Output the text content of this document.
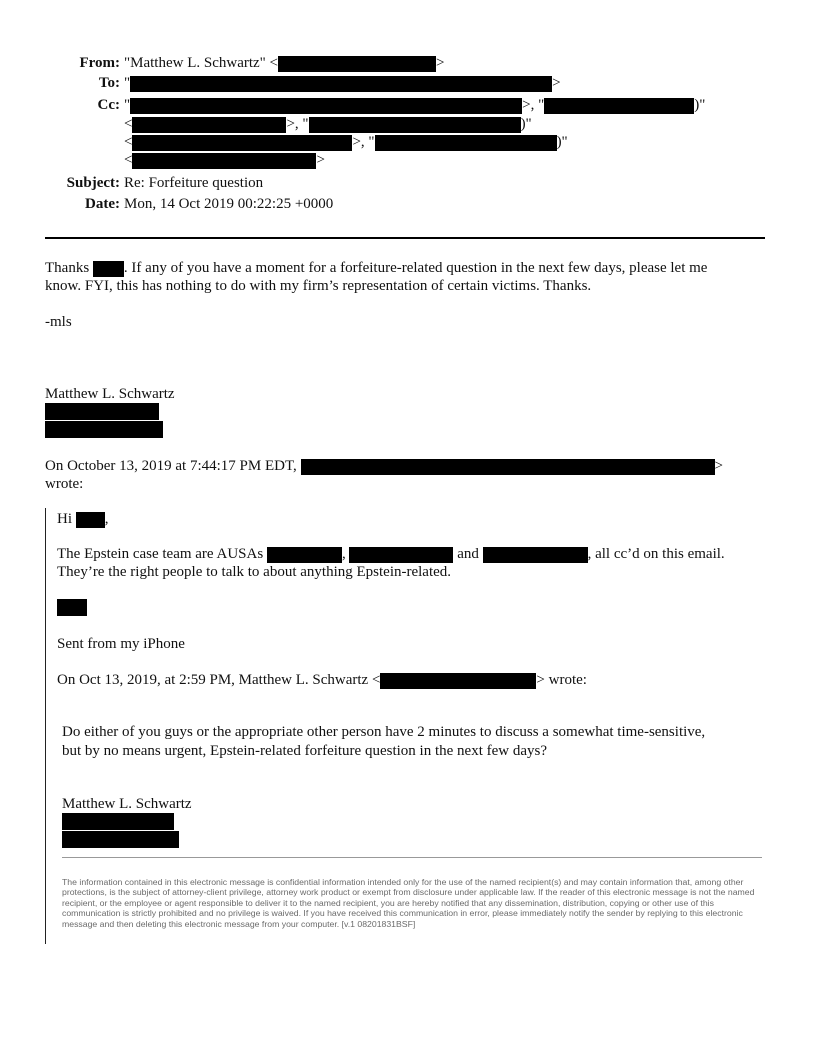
From: "Matthew L. Schwartz" <	>
To: "	>
Cc: "	>, "	)"
<	>, "	)"
<	>, "	)"
<	>
Subject: Re: Forfeiture question
Date: Mon, 14 Oct 2019 00:22:25 +0000
Thanks . If any of you have a moment for a forfeiture-related question in the next few days, please let me
know. FYI, this has nothing to do with my firm’s representation of certain victims. Thanks.
-mls
Matthew L. Schwartz
On October 13, 2019 at 7:44:17 PM EDT,	>
wrote:
Hi ,
The Epstein case team are AUSAs	,	and	, all cc’d on this email.
They’re the right people to talk to about anything Epstein-related.
Sent from my iPhone
On Oct 13, 2019, at 2:59 PM, Matthew L. Schwartz <	> wrote:
Do either of you guys or the appropriate other person have 2 minutes to discuss a somewhat time-sensitive,
but by no means urgent, Epstein-related forfeiture question in the next few days?
Matthew L. Schwartz
The information contained in this electronic message is confidential information intended only for the use of the named recipient(s) and may contain information that, among other protections, is the subject of attorney-client privilege, attorney work product or exempt from disclosure under applicable law. If the reader of this electronic message is not the named recipient, or the employee or agent responsible to deliver it to the named recipient, you are hereby notified that any dissemination, distribution, copying or other use of this communication is strictly prohibited and no privilege is waived. If you have received this communication in error, please immediately notify the sender by replying to this electronic message and then deleting this electronic message from your computer. [v.1 08201831BSF]
